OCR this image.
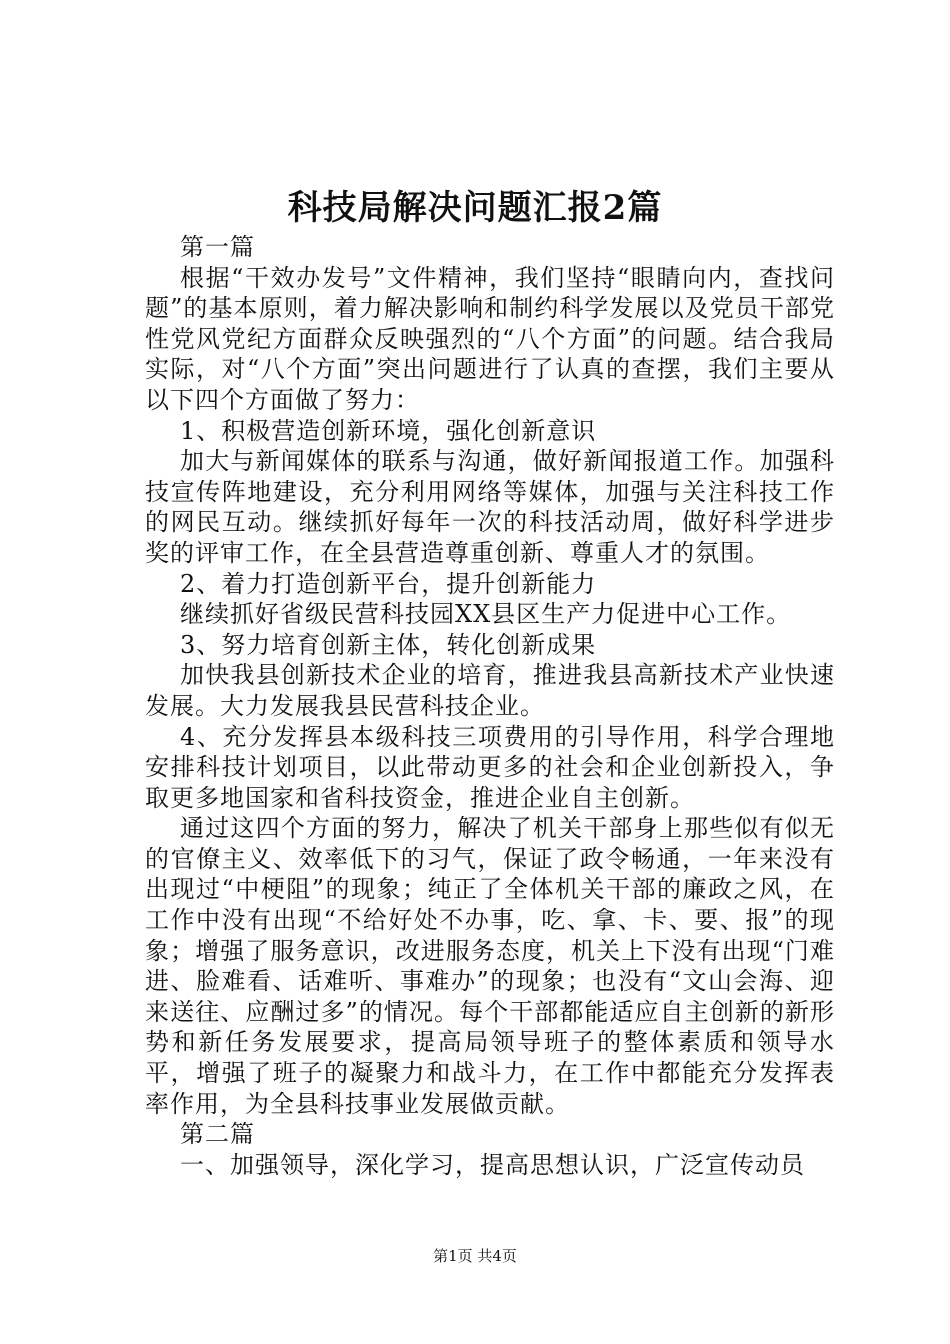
科技局解决问题汇报2篇

第一篇

根据“干效办发号”文件精神，我们坚持“眼睛向内，查找问题”的基本原则，着力解决影响和制约科学发展以及党员干部党性党风党纪方面群众反映强烈的“八个方面”的问题。结合我局实际，对“八个方面”突出问题进行了认真的查摆，我们主要从以下四个方面做了努力：

1、积极营造创新环境，强化创新意识

加大与新闻媒体的联系与沟通，做好新闻报道工作。加强科技宣传阵地建设，充分利用网络等媒体，加强与关注科技工作的网民互动。继续抓好每年一次的科技活动周，做好科学进步奖的评审工作，在全县营造尊重创新、尊重人才的氛围。

2、着力打造创新平台，提升创新能力

继续抓好省级民营科技园XX县区生产力促进中心工作。

3、努力培育创新主体，转化创新成果

加快我县创新技术企业的培育，推进我县高新技术产业快速发展。大力发展我县民营科技企业。

4、充分发挥县本级科技三项费用的引导作用，科学合理地安排科技计划项目，以此带动更多的社会和企业创新投入，争取更多地国家和省科技资金，推进企业自主创新。

通过这四个方面的努力，解决了机关干部身上那些似有似无的官僚主义、效率低下的习气，保证了政令畅通，一年来没有出现过“中梗阻”的现象；纯正了全体机关干部的廉政之风，在工作中没有出现“不给好处不办事，吃、拿、卡、要、报”的现象；增强了服务意识，改进服务态度，机关上下没有出现“门难进、脸难看、话难听、事难办”的现象；也没有“文山会海、迎来送往、应酬过多”的情况。每个干部都能适应自主创新的新形势和新任务发展要求，提高局领导班子的整体素质和领导水平，增强了班子的凝聚力和战斗力，在工作中都能充分发挥表率作用，为全县科技事业发展做贡献。

第二篇

一、加强领导，深化学习，提高思想认识，广泛宣传动员

第1页 共4页
